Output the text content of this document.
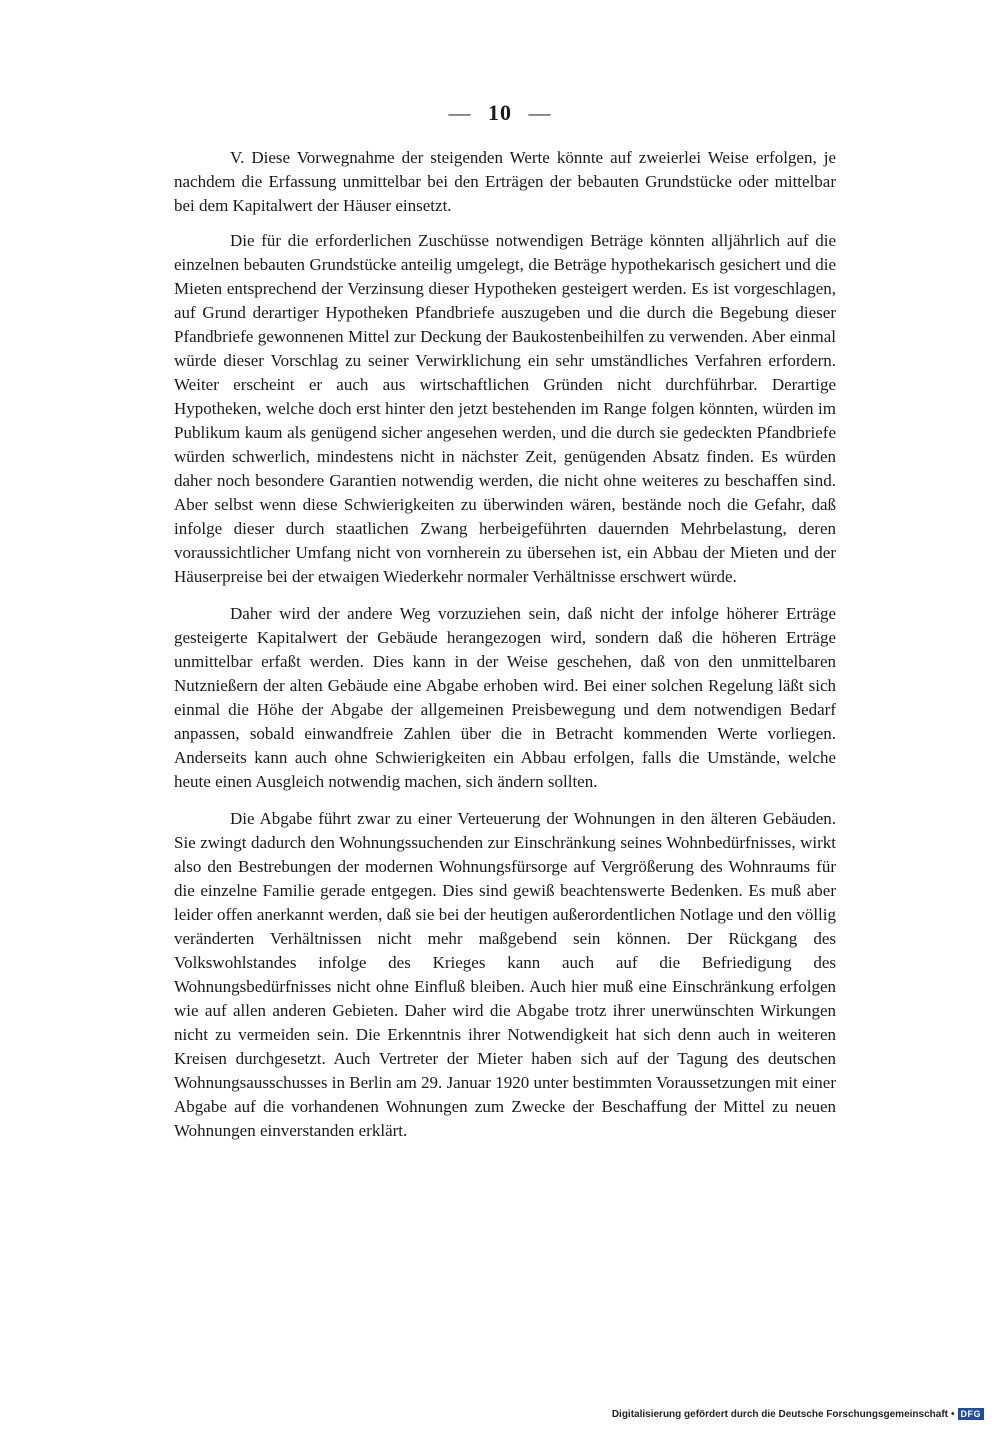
— 10 —

V. Diese Vorwegnahme der steigenden Werte könnte auf zweierlei Weise erfolgen, je nachdem die Erfassung unmittelbar bei den Erträgen der bebauten Grundstücke oder mittelbar bei dem Kapitalwert der Häuser einsetzt.

Die für die erforderlichen Zuschüsse notwendigen Beträge könnten alljährlich auf die einzelnen bebauten Grundstücke anteilig umgelegt, die Beträge hypothekarisch gesichert und die Mieten entsprechend der Verzinsung dieser Hypotheken gesteigert werden. Es ist vorgeschlagen, auf Grund derartiger Hypotheken Pfandbriefe auszugeben und die durch die Begebung dieser Pfandbriefe gewonnenen Mittel zur Deckung der Baukostenbeihilfen zu verwenden. Aber einmal würde dieser Vorschlag zu seiner Verwirklichung ein sehr umständliches Verfahren erfordern. Weiter erscheint er auch aus wirtschaftlichen Gründen nicht durchführbar. Derartige Hypotheken, welche doch erst hinter den jetzt bestehenden im Range folgen könnten, würden im Publikum kaum als genügend sicher angesehen werden, und die durch sie gedeckten Pfandbriefe würden schwerlich, mindestens nicht in nächster Zeit, genügenden Absatz finden. Es würden daher noch besondere Garantien notwendig werden, die nicht ohne weiteres zu beschaffen sind. Aber selbst wenn diese Schwierigkeiten zu überwinden wären, bestände noch die Gefahr, daß infolge dieser durch staatlichen Zwang herbeigeführten dauernden Mehrbelastung, deren voraussichtlicher Umfang nicht von vornherein zu übersehen ist, ein Abbau der Mieten und der Häuserpreise bei der etwaigen Wiederkehr normaler Verhältnisse erschwert würde.

Daher wird der andere Weg vorzuziehen sein, daß nicht der infolge höherer Erträge gesteigerte Kapitalwert der Gebäude herangezogen wird, sondern daß die höheren Erträge unmittelbar erfaßt werden. Dies kann in der Weise geschehen, daß von den unmittelbaren Nutznießern der alten Gebäude eine Abgabe erhoben wird. Bei einer solchen Regelung läßt sich einmal die Höhe der Abgabe der allgemeinen Preisbewegung und dem notwendigen Bedarf anpassen, sobald einwandfreie Zahlen über die in Betracht kommenden Werte vorliegen. Anderseits kann auch ohne Schwierigkeiten ein Abbau erfolgen, falls die Umstände, welche heute einen Ausgleich notwendig machen, sich ändern sollten.

Die Abgabe führt zwar zu einer Verteuerung der Wohnungen in den älteren Gebäuden. Sie zwingt dadurch den Wohnungssuchenden zur Einschränkung seines Wohnbedürfnisses, wirkt also den Bestrebungen der modernen Wohnungsfürsorge auf Vergrößerung des Wohnraums für die einzelne Familie gerade entgegen. Dies sind gewiß beachtenswerte Bedenken. Es muß aber leider offen anerkannt werden, daß sie bei der heutigen außerordentlichen Notlage und den völlig veränderten Verhältnissen nicht mehr maßgebend sein können. Der Rückgang des Volkswohlstandes infolge des Krieges kann auch auf die Befriedigung des Wohnungsbedürfnisses nicht ohne Einfluß bleiben. Auch hier muß eine Einschränkung erfolgen wie auf allen anderen Gebieten. Daher wird die Abgabe trotz ihrer unerwünschten Wirkungen nicht zu vermeiden sein. Die Erkenntnis ihrer Notwendigkeit hat sich denn auch in weiteren Kreisen durchgesetzt. Auch Vertreter der Mieter haben sich auf der Tagung des deutschen Wohnungsausschusses in Berlin am 29. Januar 1920 unter bestimmten Voraussetzungen mit einer Abgabe auf die vorhandenen Wohnungen zum Zwecke der Beschaffung der Mittel zu neuen Wohnungen einverstanden erklärt.

Digitalisierung gefördert durch die Deutsche Forschungsgemeinschaft • DFG
